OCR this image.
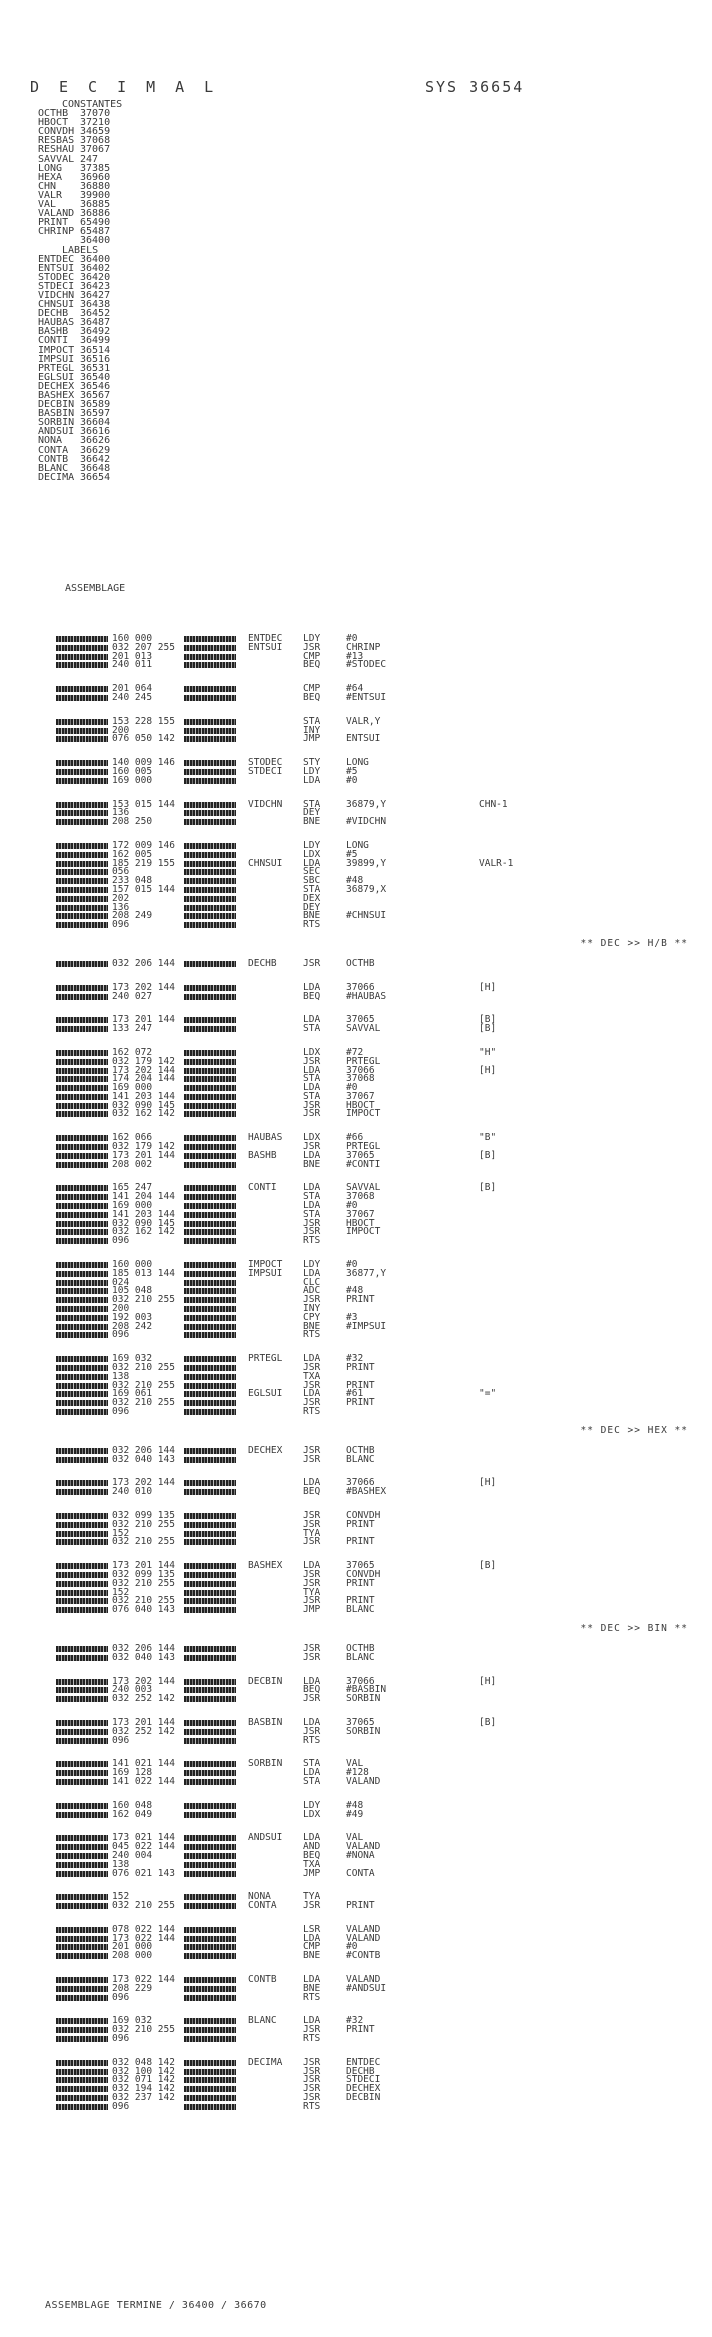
DECIMAL	SYS 36654
CONSTANTES
OCTHB 37070
HBOCT 37210
CONVDH 34659
RESBAS 37068
RESHAU 37067
SAVVAL 247
LONG 37385
HEXA 36960
CHN 36880
VALR 39900
VAL 36885
VALAND 36886
PRINT 65490
CHRINP 65487
36400
LABELS
ENTDEC 36400
ENTSUI 36402
STODEC 36420
STDECI 36423
VIDCHN 36427
CHNSUI 36438
DECHB 36452
HAUBAS 36487
BASHB 36492
CONTI 36499
IMPOCT 36514
IMPSUI 36516
PRTEGL 36531
EGLSUI 36540
DECHEX 36546
BASHEX 36567
DECBIN 36589
BASBIN 36597
SORBIN 36604
ANDSUI 36616
NONA 36626
CONTA 36629
CONTB 36642
BLANC 36648
DECIMA 36654
ASSEMBLAGE
160 000	ENTDEC LDY	#0
032 207 255	ENTSUI JSR	CHRINP
201 013	CMP	#13
240 011	BEQ	#STODEC
201 064	CMP	#64
240 245	BEQ	#ENTSUI
153 228 155	STA	VALR,Y
200	INY
076 050 142	JMP	ENTSUI
140 009 146	STODEC STY	LONG
160 005	STDECI LDY	#5
169 000	LDA	#0
153 015 144	VIDCHN STA	36879,Y	CHN-1
136	DEY
208 250	BNE	#VIDCHN
172 009 146	LDY	LONG
162 005	LDX	#5
185 219 155	CHNSUI LDA	39899,Y	VALR-1
056	SEC
233 048	SBC	#48
157 015 144	STA	36879,X
202	DEX
136	DEY
208 249	BNE	#CHNSUI
096	RTS
** DEC >> H/B **
032 206 144	DECHB	JSR	OCTHB
173 202 144	LDA	37066	[H]
240 027	BEQ	#HAUBAS
173 201 144	LDA	37065	[B]
133 247	STA	SAVVAL	[B]
162 072	LDX	#72	"H"
032 179 142	JSR	PRTEGL
173 202 144	LDA	37066	[H]
174 204 144	STA	37068
169 000	LDA	#0
141 203 144	STA	37067
032 090 145	JSR	HBOCT
032 162 142	JSR	IMPOCT
162 066	HAUBAS LDX	#66	"B"
032 179 142	JSR	PRTEGL
173 201 144	BASHB	LDA	37065	[B]
208 002	BNE	#CONTI
165 247	CONTI	LDA	SAVVAL	[B]
141 204 144	STA	37068
169 000	LDA	#0
141 203 144	STA	37067
032 090 145	JSR	HBOCT
032 162 142	JSR	IMPOCT
096	RTS
160 000	IMPOCT LDY	#0
185 013 144	IMPSUI LDA	36877,Y
024	CLC
105 048	ADC	#48
032 210 255	JSR	PRINT
200	INY
192 003	CPY	#3
208 242	BNE	#IMPSUI
096	RTS
169 032	PRTEGL LDA	#32
032 210 255	JSR	PRINT
138	TXA
032 210 255	JSR	PRINT
169 061	EGLSUI LDA	#61	"="
032 210 255	JSR	PRINT
096	RTS
** DEC >> HEX **
032 206 144	DECHEX JSR	OCTHB
032 040 143	JSR	BLANC
173 202 144	LDA	37066	[H]
240 010	BEQ	#BASHEX
032 099 135	JSR	CONVDH
032 210 255	JSR	PRINT
152	TYA
032 210 255	JSR	PRINT
173 201 144	BASHEX LDA	37065	[B]
032 099 135	JSR	CONVDH
032 210 255	JSR	PRINT
152	TYA
032 210 255	JSR	PRINT
076 040 143	JMP	BLANC
** DEC >> BIN **
032 206 144	JSR	OCTHB
032 040 143	JSR	BLANC
173 202 144	DECBIN LDA	37066	[H]
240 003	BEQ	#BASBIN
032 252 142	JSR	SORBIN
173 201 144	BASBIN LDA	37065	[B]
032 252 142	JSR	SORBIN
096	RTS
141 021 144	SORBIN STA	VAL
169 128	LDA	#128
141 022 144	STA	VALAND
160 048	LDY	#48
162 049	LDX	#49
173 021 144	ANDSUI LDA	VAL
045 022 144	AND	VALAND
240 004	BEQ	#NONA
138	TXA
076 021 143	JMP	CONTA
152	NONA	TYA
032 210 255	CONTA	JSR	PRINT
078 022 144	LSR	VALAND
173 022 144	LDA	VALAND
201 000	CMP	#0
208 000	BNE	#CONTB
173 022 144	CONTB	LDA	VALAND
208 229	BNE	#ANDSUI
096	RTS
169 032	BLANC	LDA	#32
032 210 255	JSR	PRINT
096	RTS
032 048 142	DECIMA JSR	ENTDEC
032 100 142	JSR	DECHB
032 071 142	JSR	STDECI
032 194 142	JSR	DECHEX
032 237 142	JSR	DECBIN
096	RTS
ASSEMBLAGE TERMINE / 36400 / 36670
